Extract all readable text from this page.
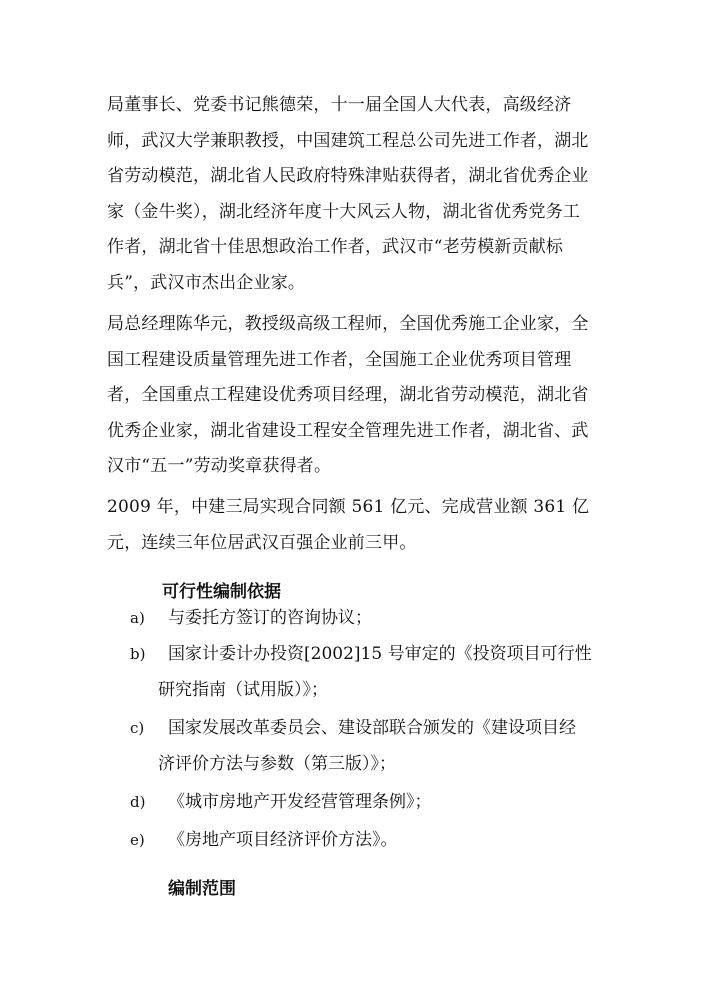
局董事长、党委书记熊德荣，十一届全国人大代表，高级经济师，武汉大学兼职教授，中国建筑工程总公司先进工作者，湖北省劳动模范，湖北省人民政府特殊津贴获得者，湖北省优秀企业家（金牛奖），湖北经济年度十大风云人物，湖北省优秀党务工作者，湖北省十佳思想政治工作者，武汉市“老劳模新贡献标兵”，武汉市杰出企业家。

局总经理陈华元，教授级高级工程师，全国优秀施工企业家，全国工程建设质量管理先进工作者，全国施工企业优秀项目管理者，全国重点工程建设优秀项目经理，湖北省劳动模范，湖北省优秀企业家，湖北省建设工程安全管理先进工作者，湖北省、武汉市“五一”劳动奖章获得者。

2009 年，中建三局实现合同额 561 亿元、完成营业额 361 亿元，连续三年位居武汉百强企业前三甲。

可行性编制依据
a)	与委托方签订的咨询协议；
b)	国家计委计办投资[2002]15 号审定的《投资项目可行性
研究指南（试用版）》；
c)	国家发展改革委员会、建设部联合颁发的《建设项目经
济评价方法与参数（第三版）》；
d)	《城市房地产开发经营管理条例》；
e)	《房地产项目经济评价方法》。
编制范围
